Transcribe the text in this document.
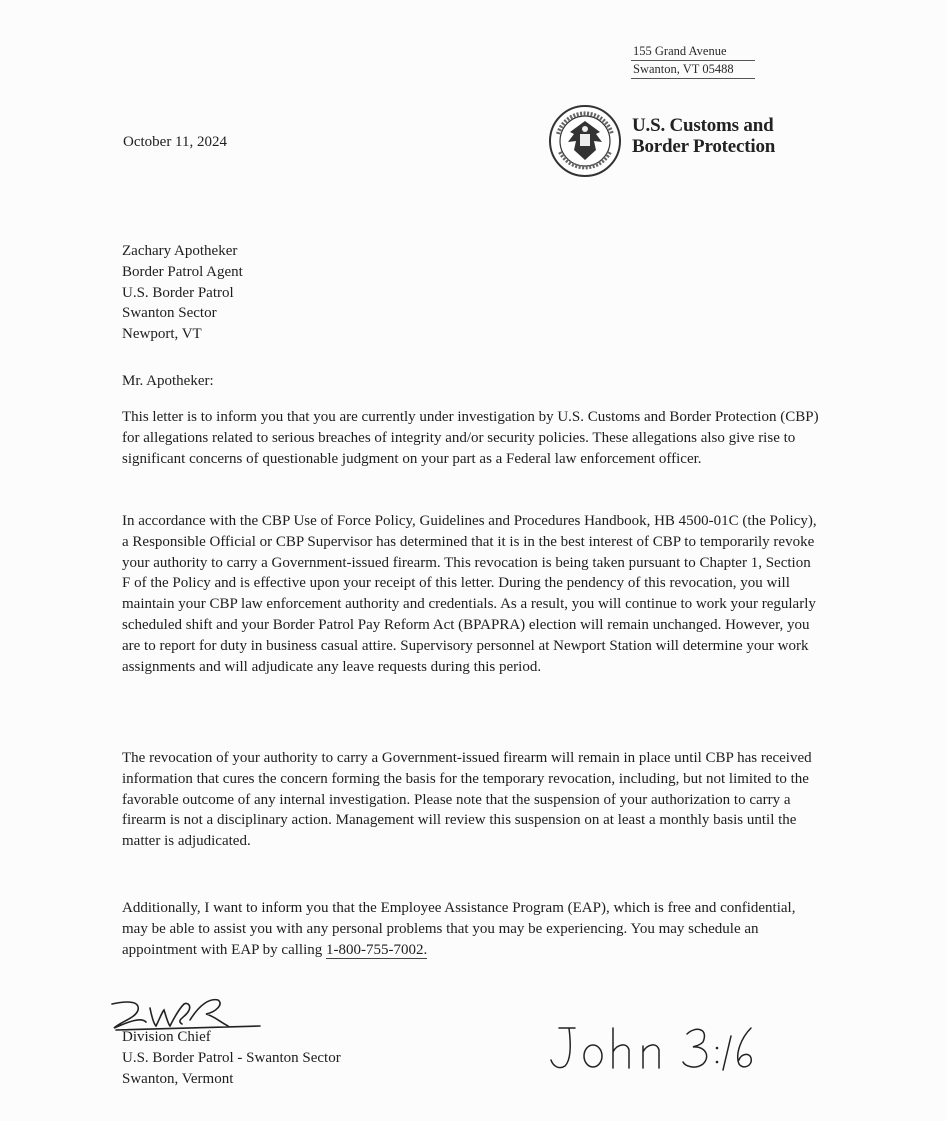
155 Grand Avenue
Swanton, VT 05488
U.S. Customs and
Border Protection
October 11, 2024
Zachary Apotheker
Border Patrol Agent
U.S. Border Patrol
Swanton Sector
Newport, VT
Mr. Apotheker:
This letter is to inform you that you are currently under investigation by U.S. Customs and Border Protection (CBP) for allegations related to serious breaches of integrity and/or security policies. These allegations also give rise to significant concerns of questionable judgment on your part as a Federal law enforcement officer.
In accordance with the CBP Use of Force Policy, Guidelines and Procedures Handbook, HB 4500-01C (the Policy), a Responsible Official or CBP Supervisor has determined that it is in the best interest of CBP to temporarily revoke your authority to carry a Government-issued firearm. This revocation is being taken pursuant to Chapter 1, Section F of the Policy and is effective upon your receipt of this letter. During the pendency of this revocation, you will maintain your CBP law enforcement authority and credentials. As a result, you will continue to work your regularly scheduled shift and your Border Patrol Pay Reform Act (BPAPRA) election will remain unchanged. However, you are to report for duty in business casual attire. Supervisory personnel at Newport Station will determine your work assignments and will adjudicate any leave requests during this period.
The revocation of your authority to carry a Government-issued firearm will remain in place until CBP has received information that cures the concern forming the basis for the temporary revocation, including, but not limited to the favorable outcome of any internal investigation. Please note that the suspension of your authorization to carry a firearm is not a disciplinary action. Management will review this suspension on at least a monthly basis until the matter is adjudicated.
Additionally, I want to inform you that the Employee Assistance Program (EAP), which is free and confidential, may be able to assist you with any personal problems that you may be experiencing. You may schedule an appointment with EAP by calling 1-800-755-7002.
Division Chief
U.S. Border Patrol - Swanton Sector
Swanton, Vermont
